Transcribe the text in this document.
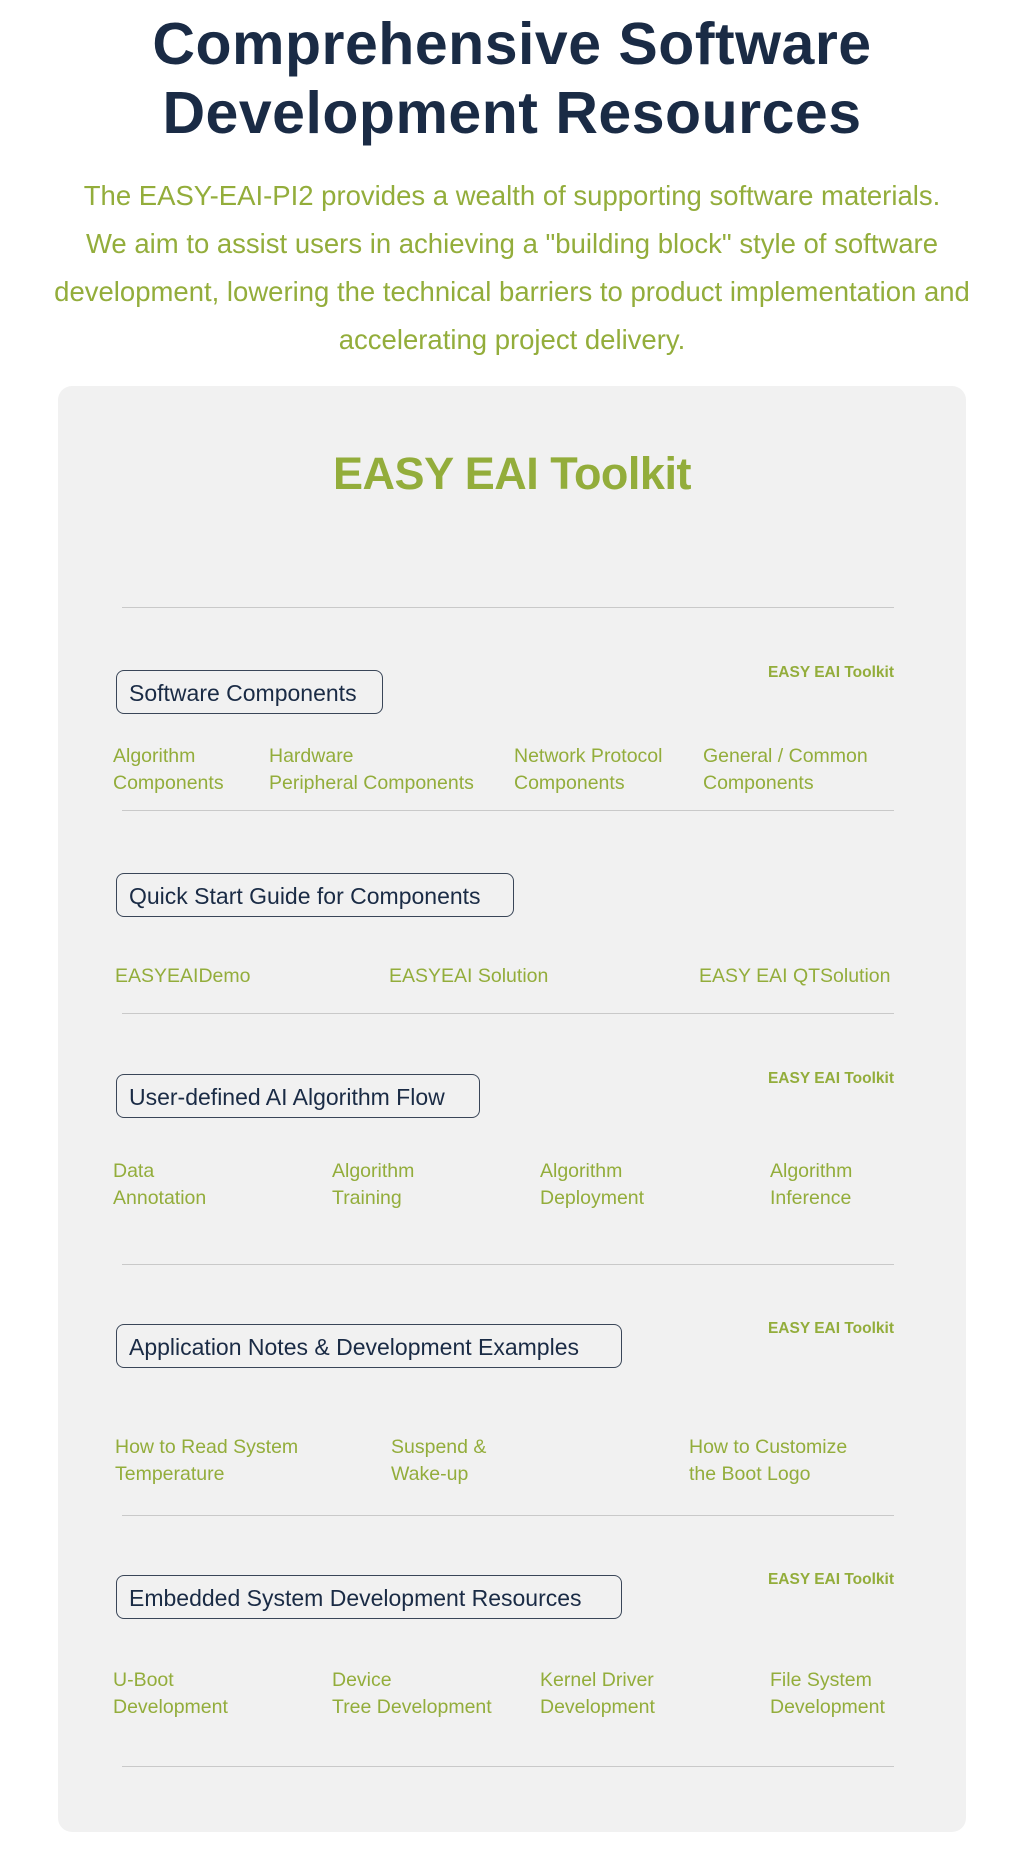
Comprehensive Software
Development Resources
The EASY-EAI-PI2 provides a wealth of supporting software materials.
We aim to assist users in achieving a "building block" style of software development, lowering the technical barriers to product implementation and accelerating project delivery.
EASY EAI Toolkit
Software Components
EASY EAI Toolkit
Algorithm
Components
Hardware
Peripheral Components
Network Protocol
Components
General / Common
Components
Quick Start Guide for Components
EASYEAIDemo	EASYEAI Solution	EASY EAI QTSolution
User-defined AI Algorithm Flow
EASY EAI Toolkit
Data
Annotation
Algorithm
Training
Algorithm
Deployment
Algorithm
Inference
Application Notes & Development Examples
EASY EAI Toolkit
How to Read System
Temperature
Suspend &
Wake-up
How to Customize
the Boot Logo
Embedded System Development Resources
EASY EAI Toolkit
U-Boot
Development
Device
Tree Development
Kernel Driver
Development
File System
Development
